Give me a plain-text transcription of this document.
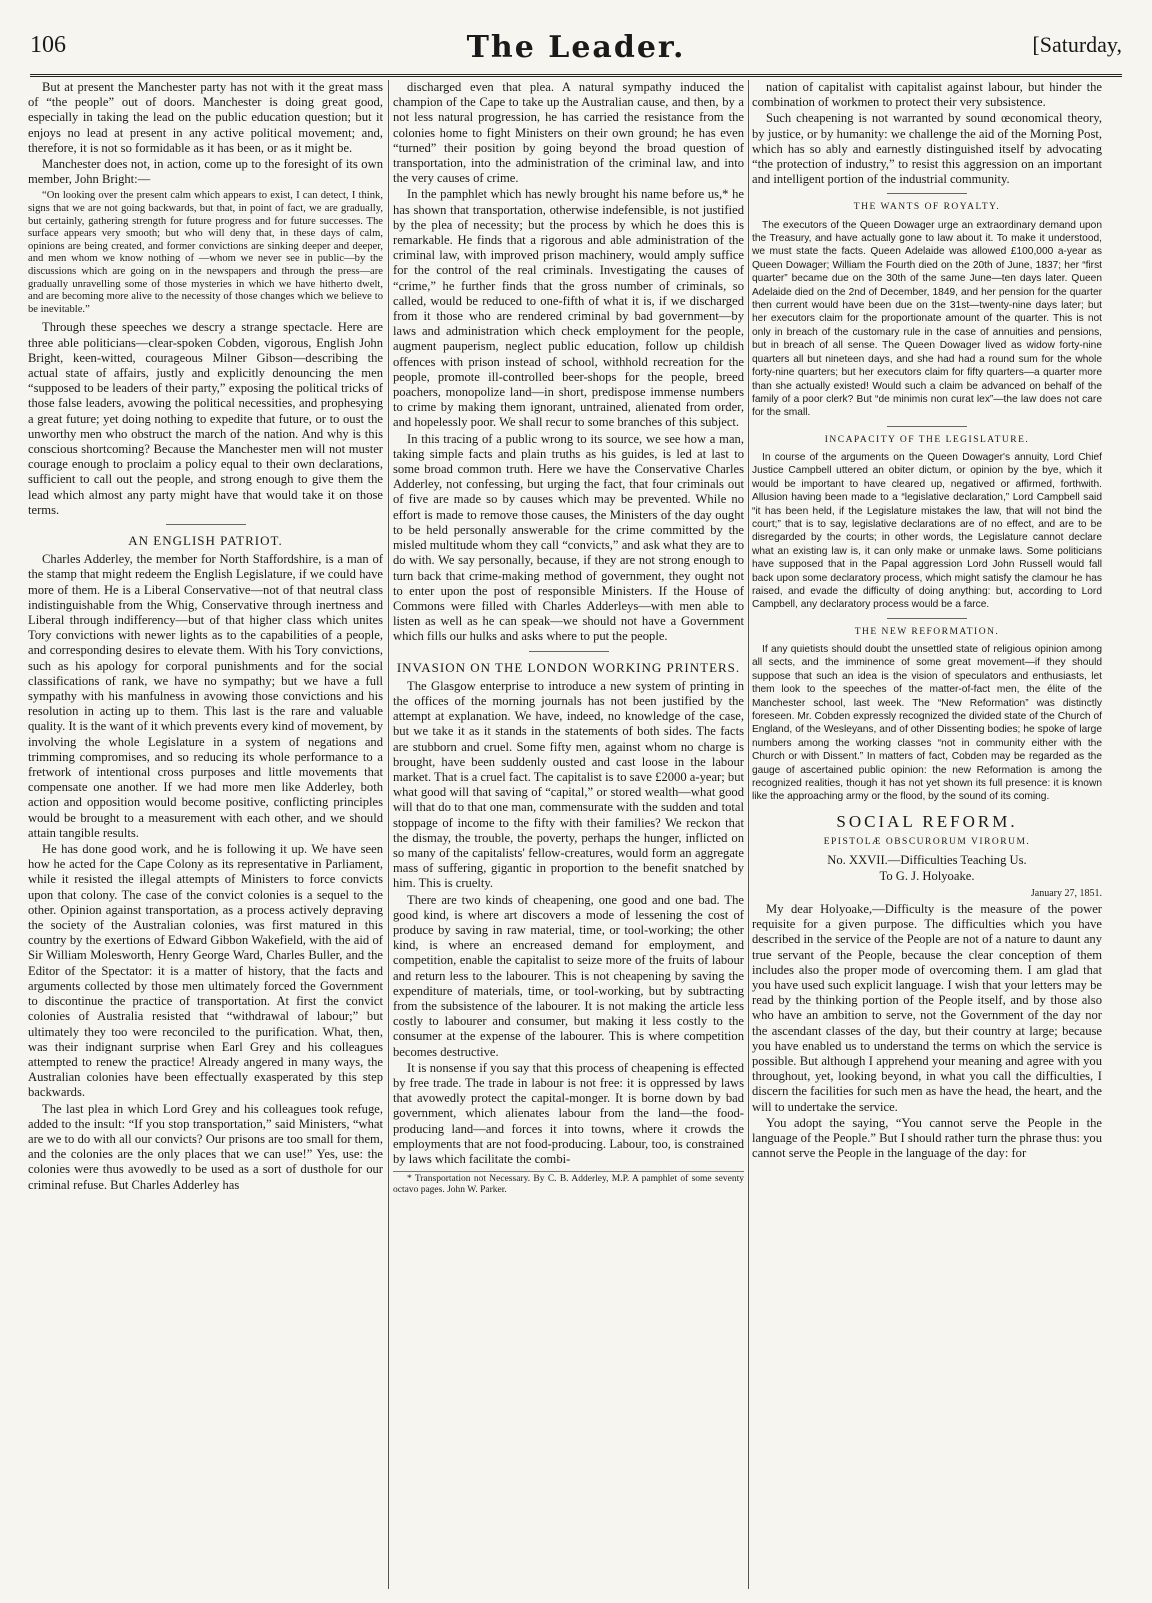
106	The Leader.	[Saturday,

But at present the Manchester party has not with it the great mass of “the people” out of doors. Manchester is doing great good, especially in taking the lead on the public education question; but it enjoys no lead at present in any active political movement; and, therefore, it is not so formidable as it has been, or as it might be.

Manchester does not, in action, come up to the foresight of its own member, John Bright:—

“On looking over the present calm which appears to exist, I can detect, I think, signs that we are not going backwards, but that, in point of fact, we are gradually, but certainly, gathering strength for future progress and for future successes. The surface appears very smooth; but who will deny that, in these days of calm, opinions are being created, and former convictions are sinking deeper and deeper, and men whom we know nothing of —whom we never see in public—by the discussions which are going on in the newspapers and through the press—are gradually unravelling some of those mysteries in which we have hitherto dwelt, and are becoming more alive to the necessity of those changes which we believe to be inevitable.”

Through these speeches we descry a strange spectacle. Here are three able politicians—clear-spoken Cobden, vigorous, English John Bright, keen-witted, courageous Milner Gibson—describing the actual state of affairs, justly and explicitly denouncing the men “supposed to be leaders of their party,” exposing the political tricks of those false leaders, avowing the political necessities, and prophesying a great future; yet doing nothing to expedite that future, or to oust the unworthy men who obstruct the march of the nation. And why is this conscious shortcoming? Because the Manchester men will not muster courage enough to proclaim a policy equal to their own declarations, sufficient to call out the people, and strong enough to give them the lead which almost any party might have that would take it on those terms.

AN ENGLISH PATRIOT.

Charles Adderley, the member for North Staffordshire, is a man of the stamp that might redeem the English Legislature, if we could have more of them. He is a Liberal Conservative—not of that neutral class indistinguishable from the Whig, Conservative through inertness and Liberal through indifferency—but of that higher class which unites Tory convictions with newer lights as to the capabilities of a people, and corresponding desires to elevate them. With his Tory convictions, such as his apology for corporal punishments and for the social classifications of rank, we have no sympathy; but we have a full sympathy with his manfulness in avowing those convictions and his resolution in acting up to them. This last is the rare and valuable quality. It is the want of it which prevents every kind of movement, by involving the whole Legislature in a system of negations and trimming compromises, and so reducing its whole performance to a fretwork of intentional cross purposes and little movements that compensate one another. If we had more men like Adderley, both action and opposition would become positive, conflicting principles would be brought to a measurement with each other, and we should attain tangible results.

He has done good work, and he is following it up. We have seen how he acted for the Cape Colony as its representative in Parliament, while it resisted the illegal attempts of Ministers to force convicts upon that colony. The case of the convict colonies is a sequel to the other. Opinion against transportation, as a process actively depraving the society of the Australian colonies, was first matured in this country by the exertions of Edward Gibbon Wakefield, with the aid of Sir William Molesworth, Henry George Ward, Charles Buller, and the Editor of the Spectator: it is a matter of history, that the facts and arguments collected by those men ultimately forced the Government to discontinue the practice of transportation. At first the convict colonies of Australia resisted that “withdrawal of labour;” but ultimately they too were reconciled to the purification. What, then, was their indignant surprise when Earl Grey and his colleagues attempted to renew the practice! Already angered in many ways, the Australian colonies have been effectually exasperated by this step backwards.

The last plea in which Lord Grey and his colleagues took refuge, added to the insult: “If you stop transportation,” said Ministers, “what are we to do with all our convicts? Our prisons are too small for them, and the colonies are the only places that we can use!” Yes, use: the colonies were thus avowedly to be used as a sort of dusthole for our criminal refuse. But Charles Adderley has

discharged even that plea. A natural sympathy induced the champion of the Cape to take up the Australian cause, and then, by a not less natural progression, he has carried the resistance from the colonies home to fight Ministers on their own ground; he has even “turned” their position by going beyond the broad question of transportation, into the administration of the criminal law, and into the very causes of crime.

In the pamphlet which has newly brought his name before us,* he has shown that transportation, otherwise indefensible, is not justified by the plea of necessity; but the process by which he does this is remarkable. He finds that a rigorous and able administration of the criminal law, with improved prison machinery, would amply suffice for the control of the real criminals. Investigating the causes of “crime,” he further finds that the gross number of criminals, so called, would be reduced to one-fifth of what it is, if we discharged from it those who are rendered criminal by bad government—by laws and administration which check employment for the people, augment pauperism, neglect public education, follow up childish offences with prison instead of school, withhold recreation for the people, promote ill-controlled beer-shops for the people, breed poachers, monopolize land—in short, predispose immense numbers to crime by making them ignorant, untrained, alienated from order, and hopelessly poor. We shall recur to some branches of this subject.

In this tracing of a public wrong to its source, we see how a man, taking simple facts and plain truths as his guides, is led at last to some broad common truth. Here we have the Conservative Charles Adderley, not confessing, but urging the fact, that four criminals out of five are made so by causes which may be prevented. While no effort is made to remove those causes, the Ministers of the day ought to be held personally answerable for the crime committed by the misled multitude whom they call “convicts,” and ask what they are to do with. We say personally, because, if they are not strong enough to turn back that crime-making method of government, they ought not to enter upon the post of responsible Ministers. If the House of Commons were filled with Charles Adderleys—with men able to listen as well as he can speak—we should not have a Government which fills our hulks and asks where to put the people.

INVASION ON THE LONDON WORKING PRINTERS.

The Glasgow enterprise to introduce a new system of printing in the offices of the morning journals has not been justified by the attempt at explanation. We have, indeed, no knowledge of the case, but we take it as it stands in the statements of both sides. The facts are stubborn and cruel. Some fifty men, against whom no charge is brought, have been suddenly ousted and cast loose in the labour market. That is a cruel fact. The capitalist is to save £2000 a-year; but what good will that saving of “capital,” or stored wealth—what good will that do to that one man, commensurate with the sudden and total stoppage of income to the fifty with their families? We reckon that the dismay, the trouble, the poverty, perhaps the hunger, inflicted on so many of the capitalists' fellow-creatures, would form an aggregate mass of suffering, gigantic in proportion to the benefit snatched by him. This is cruelty.

There are two kinds of cheapening, one good and one bad. The good kind, is where art discovers a mode of lessening the cost of produce by saving in raw material, time, or tool-working; the other kind, is where an encreased demand for employment, and competition, enable the capitalist to seize more of the fruits of labour and return less to the labourer. This is not cheapening by saving the expenditure of materials, time, or tool-working, but by subtracting from the subsistence of the labourer. It is not making the article less costly to labourer and consumer, but making it less costly to the consumer at the expense of the labourer. This is where competition becomes destructive.

It is nonsense if you say that this process of cheapening is effected by free trade. The trade in labour is not free: it is oppressed by laws that avowedly protect the capital-monger. It is borne down by bad government, which alienates labour from the land—the food-producing land—and forces it into towns, where it crowds the employments that are not food-producing. Labour, too, is constrained by laws which facilitate the combi-

* Transportation not Necessary. By C. B. Adderley, M.P. A pamphlet of some seventy octavo pages. John W. Parker.

nation of capitalist with capitalist against labour, but hinder the combination of workmen to protect their very subsistence.

Such cheapening is not warranted by sound œconomical theory, by justice, or by humanity: we challenge the aid of the Morning Post, which has so ably and earnestly distinguished itself by advocating “the protection of industry,” to resist this aggression on an important and intelligent portion of the industrial community.

THE WANTS OF ROYALTY.

The executors of the Queen Dowager urge an extraordinary demand upon the Treasury, and have actually gone to law about it. To make it understood, we must state the facts. Queen Adelaide was allowed £100,000 a-year as Queen Dowager; William the Fourth died on the 20th of June, 1837; her “first quarter” became due on the 30th of the same June—ten days later. Queen Adelaide died on the 2nd of December, 1849, and her pension for the quarter then current would have been due on the 31st—twenty-nine days later; but her executors claim for the proportionate amount of the quarter. This is not only in breach of the customary rule in the case of annuities and pensions, but in breach of all sense. The Queen Dowager lived as widow forty-nine quarters all but nineteen days, and she had had a round sum for the whole forty-nine quarters; but her executors claim for fifty quarters—a quarter more than she actually existed! Would such a claim be advanced on behalf of the family of a poor clerk? But “de minimis non curat lex”—the law does not care for the small.

INCAPACITY OF THE LEGISLATURE.

In course of the arguments on the Queen Dowager's annuity, Lord Chief Justice Campbell uttered an obiter dictum, or opinion by the bye, which it would be important to have cleared up, negatived or affirmed, forthwith. Allusion having been made to a “legislative declaration,” Lord Campbell said “it has been held, if the Legislature mistakes the law, that will not bind the court;” that is to say, legislative declarations are of no effect, and are to be disregarded by the courts; in other words, the Legislature cannot declare what an existing law is, it can only make or unmake laws. Some politicians have supposed that in the Papal aggression Lord John Russell would fall back upon some declaratory process, which might satisfy the clamour he has raised, and evade the difficulty of doing anything: but, according to Lord Campbell, any declaratory process would be a farce.

THE NEW REFORMATION.

If any quietists should doubt the unsettled state of religious opinion among all sects, and the imminence of some great movement—if they should suppose that such an idea is the vision of speculators and enthusiasts, let them look to the speeches of the matter-of-fact men, the élite of the Manchester school, last week. The “New Reformation” was distinctly foreseen. Mr. Cobden expressly recognized the divided state of the Church of England, of the Wesleyans, and of other Dissenting bodies; he spoke of large numbers among the working classes “not in community either with the Church or with Dissent.” In matters of fact, Cobden may be regarded as the gauge of ascertained public opinion: the new Reformation is among the recognized realities, though it has not yet shown its full presence: it is known like the approaching army or the flood, by the sound of its coming.

SOCIAL REFORM.

EPISTOLÆ OBSCURORUM VIRORUM.

No. XXVII.—Difficulties Teaching Us.

To G. J. Holyoake.

January 27, 1851.

My dear Holyoake,—Difficulty is the measure of the power requisite for a given purpose. The difficulties which you have described in the service of the People are not of a nature to daunt any true servant of the People, because the clear conception of them includes also the proper mode of overcoming them. I am glad that you have used such explicit language. I wish that your letters may be read by the thinking portion of the People itself, and by those also who have an ambition to serve, not the Government of the day nor the ascendant classes of the day, but their country at large; because you have enabled us to understand the terms on which the service is possible. But although I apprehend your meaning and agree with you throughout, yet, looking beyond, in what you call the difficulties, I discern the facilities for such men as have the head, the heart, and the will to undertake the service.

You adopt the saying, “You cannot serve the People in the language of the People.” But I should rather turn the phrase thus: you cannot serve the People in the language of the day: for
